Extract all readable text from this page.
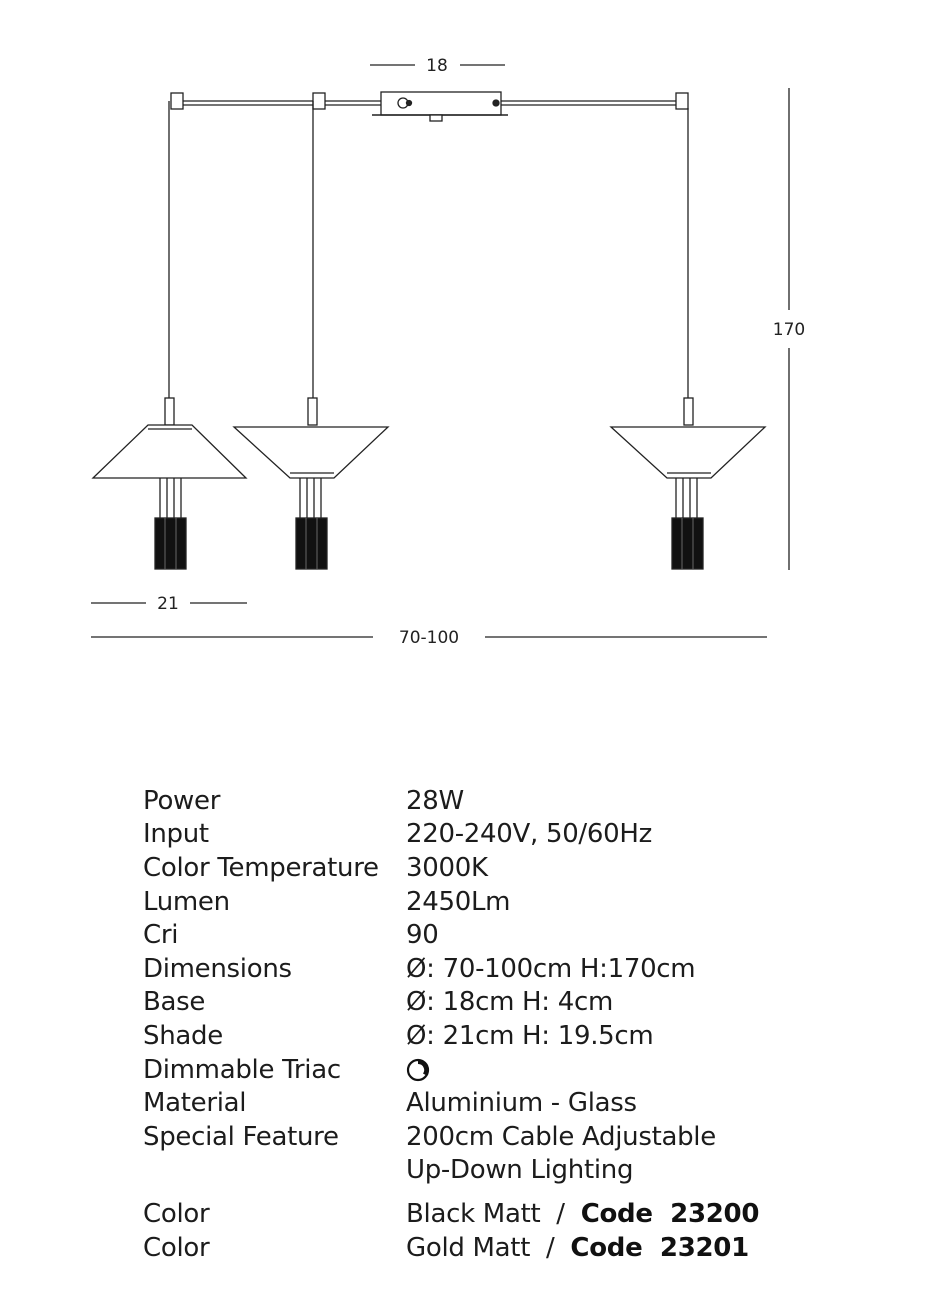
18
170
21
70-100
Power	28W
Input	220-240V, 50/60Hz
Color Temperature	3000K
Lumen	2450Lm
Cri	90
Dimensions	Ø: 70-100cm H:170cm
Base	Ø: 18cm H: 4cm
Shade	Ø: 21cm H: 19.5cm
Dimmable Triac
Material	Aluminium - Glass
Special Feature	200cm Cable Adjustable
Up-Down Lighting
Color	Black Matt  /  Code  23200
Color	Gold Matt  /  Code  23201
